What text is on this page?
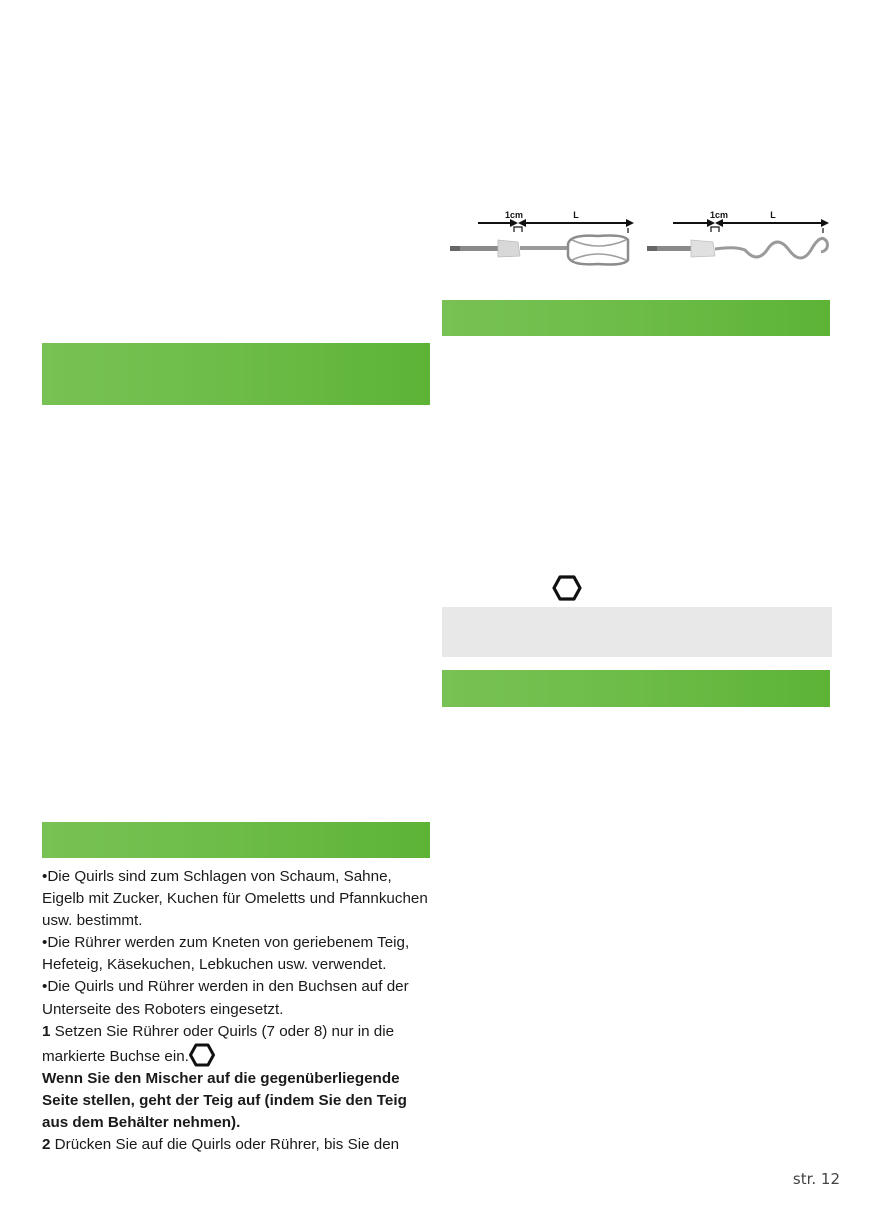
1cm	L	1cm	L

•Die Quirls sind zum Schlagen von Schaum, Sahne, Eigelb mit Zucker, Kuchen für Omeletts und Pfannkuchen usw. bestimmt.

•Die Rührer werden zum Kneten von geriebenem Teig, Hefeteig, Käsekuchen, Lebkuchen usw. verwendet.

•Die Quirls und Rührer werden in den Buchsen auf der Unterseite des Roboters eingesetzt.

1 Setzen Sie Rührer oder Quirls (7 oder 8) nur in die markierte Buchse ein.

Wenn Sie den Mischer auf die gegenüberliegende Seite stellen, geht der Teig auf (indem Sie den Teig aus dem Behälter nehmen).

2 Drücken Sie auf die Quirls oder Rührer, bis Sie den

str. 12
